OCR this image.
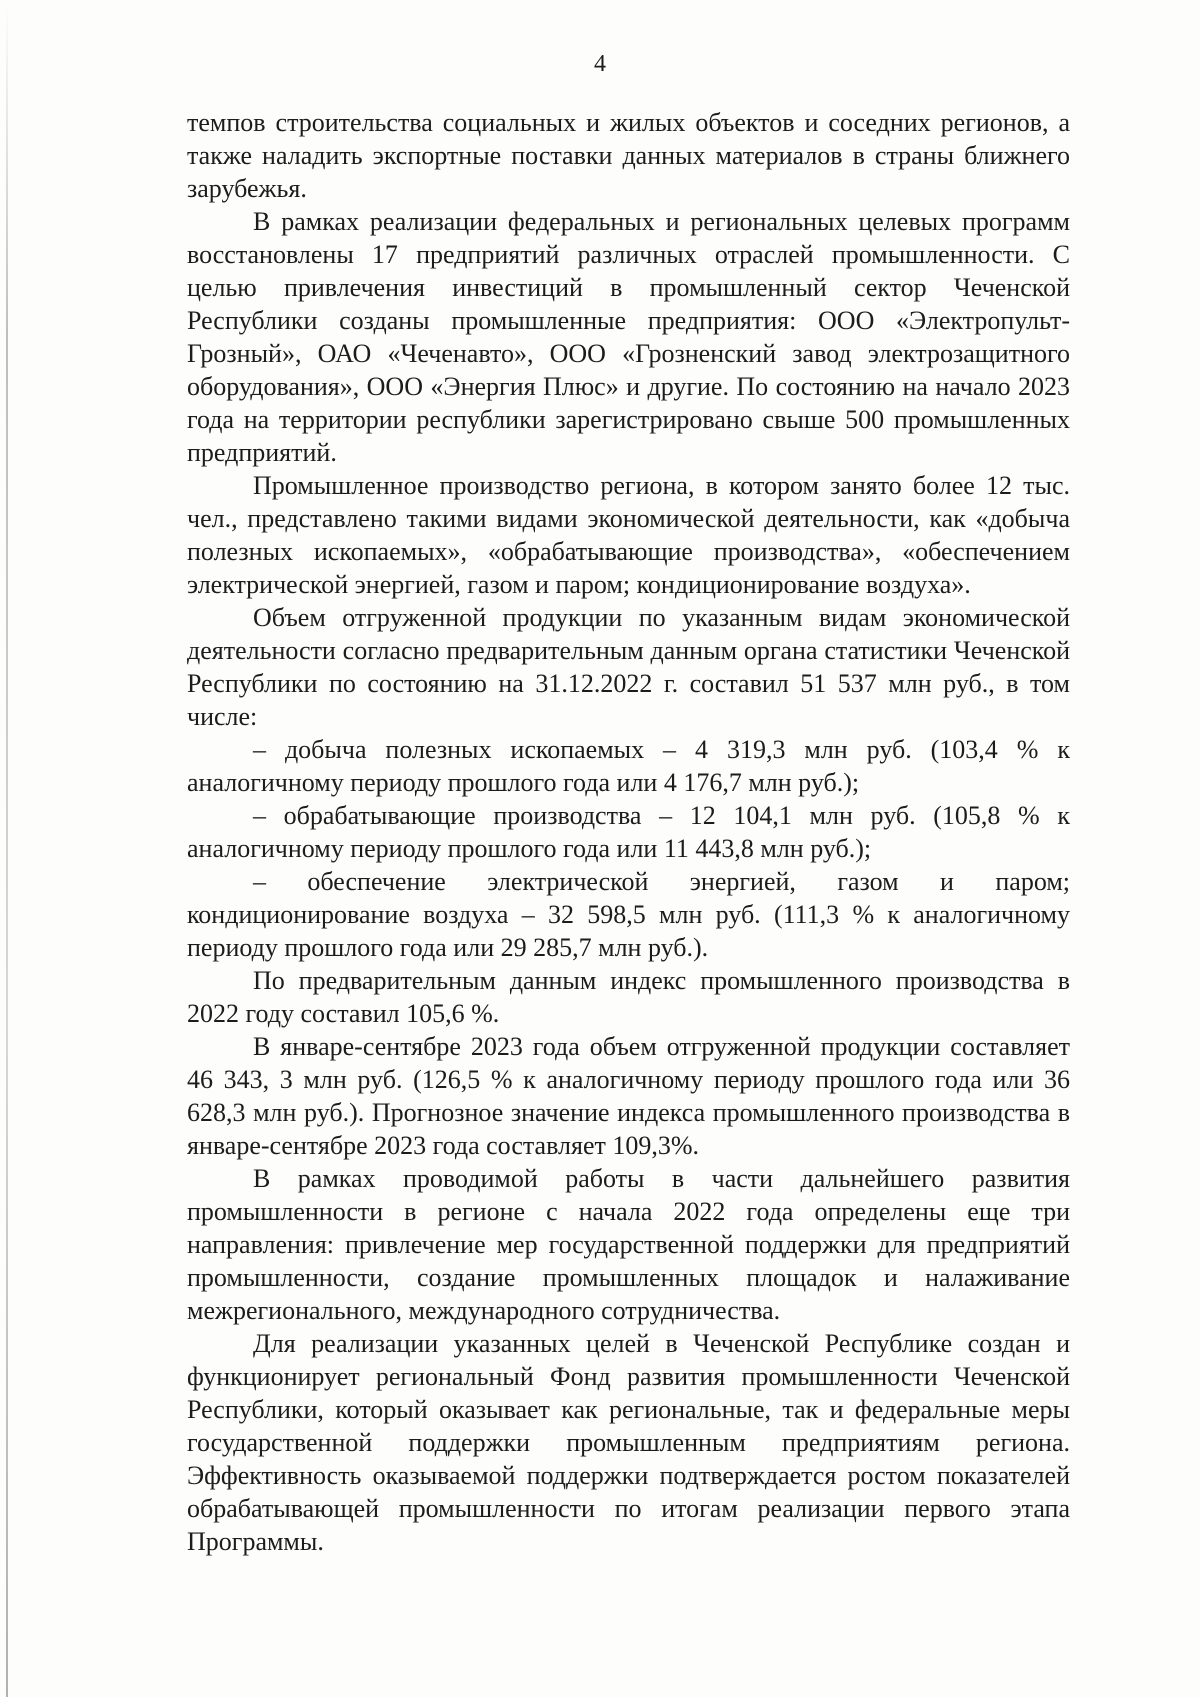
4

темпов строительства социальных и жилых объектов и соседних регионов, а также наладить экспортные поставки данных материалов в страны ближнего зарубежья.

В рамках реализации федеральных и региональных целевых программ восстановлены 17 предприятий различных отраслей промышленности. С целью привлечения инвестиций в промышленный сектор Чеченской Республики созданы промышленные предприятия: ООО «Электропульт-Грозный», ОАО «Чеченавто», ООО «Грозненский завод электрозащитного оборудования», ООО «Энергия Плюс» и другие. По состоянию на начало 2023 года на территории республики зарегистрировано свыше 500 промышленных предприятий.

Промышленное производство региона, в котором занято более 12 тыс. чел., представлено такими видами экономической деятельности, как «добыча полезных ископаемых», «обрабатывающие производства», «обеспечением электрической энергией, газом и паром; кондиционирование воздуха».

Объем отгруженной продукции по указанным видам экономической деятельности согласно предварительным данным органа статистики Чеченской Республики по состоянию на 31.12.2022 г. составил 51 537 млн руб., в том числе:

– добыча полезных ископаемых – 4 319,3 млн руб. (103,4 % к аналогичному периоду прошлого года или 4 176,7 млн руб.);

– обрабатывающие производства – 12 104,1 млн руб. (105,8 % к аналогичному периоду прошлого года или 11 443,8 млн руб.);

– обеспечение электрической энергией, газом и паром; кондиционирование воздуха – 32 598,5 млн руб. (111,3 % к аналогичному периоду прошлого года или 29 285,7 млн руб.).

По предварительным данным индекс промышленного производства в 2022 году составил 105,6 %.

В январе-сентябре 2023 года объем отгруженной продукции составляет 46 343, 3 млн руб. (126,5 % к аналогичному периоду прошлого года или 36 628,3 млн руб.). Прогнозное значение индекса промышленного производства в январе-сентябре 2023 года составляет 109,3%.

В рамках проводимой работы в части дальнейшего развития промышленности в регионе с начала 2022 года определены еще три направления: привлечение мер государственной поддержки для предприятий промышленности, создание промышленных площадок и налаживание межрегионального, международного сотрудничества.

Для реализации указанных целей в Чеченской Республике создан и функционирует региональный Фонд развития промышленности Чеченской Республики, который оказывает как региональные, так и федеральные меры государственной поддержки промышленным предприятиям региона. Эффективность оказываемой поддержки подтверждается ростом показателей обрабатывающей промышленности по итогам реализации первого этапа Программы.
